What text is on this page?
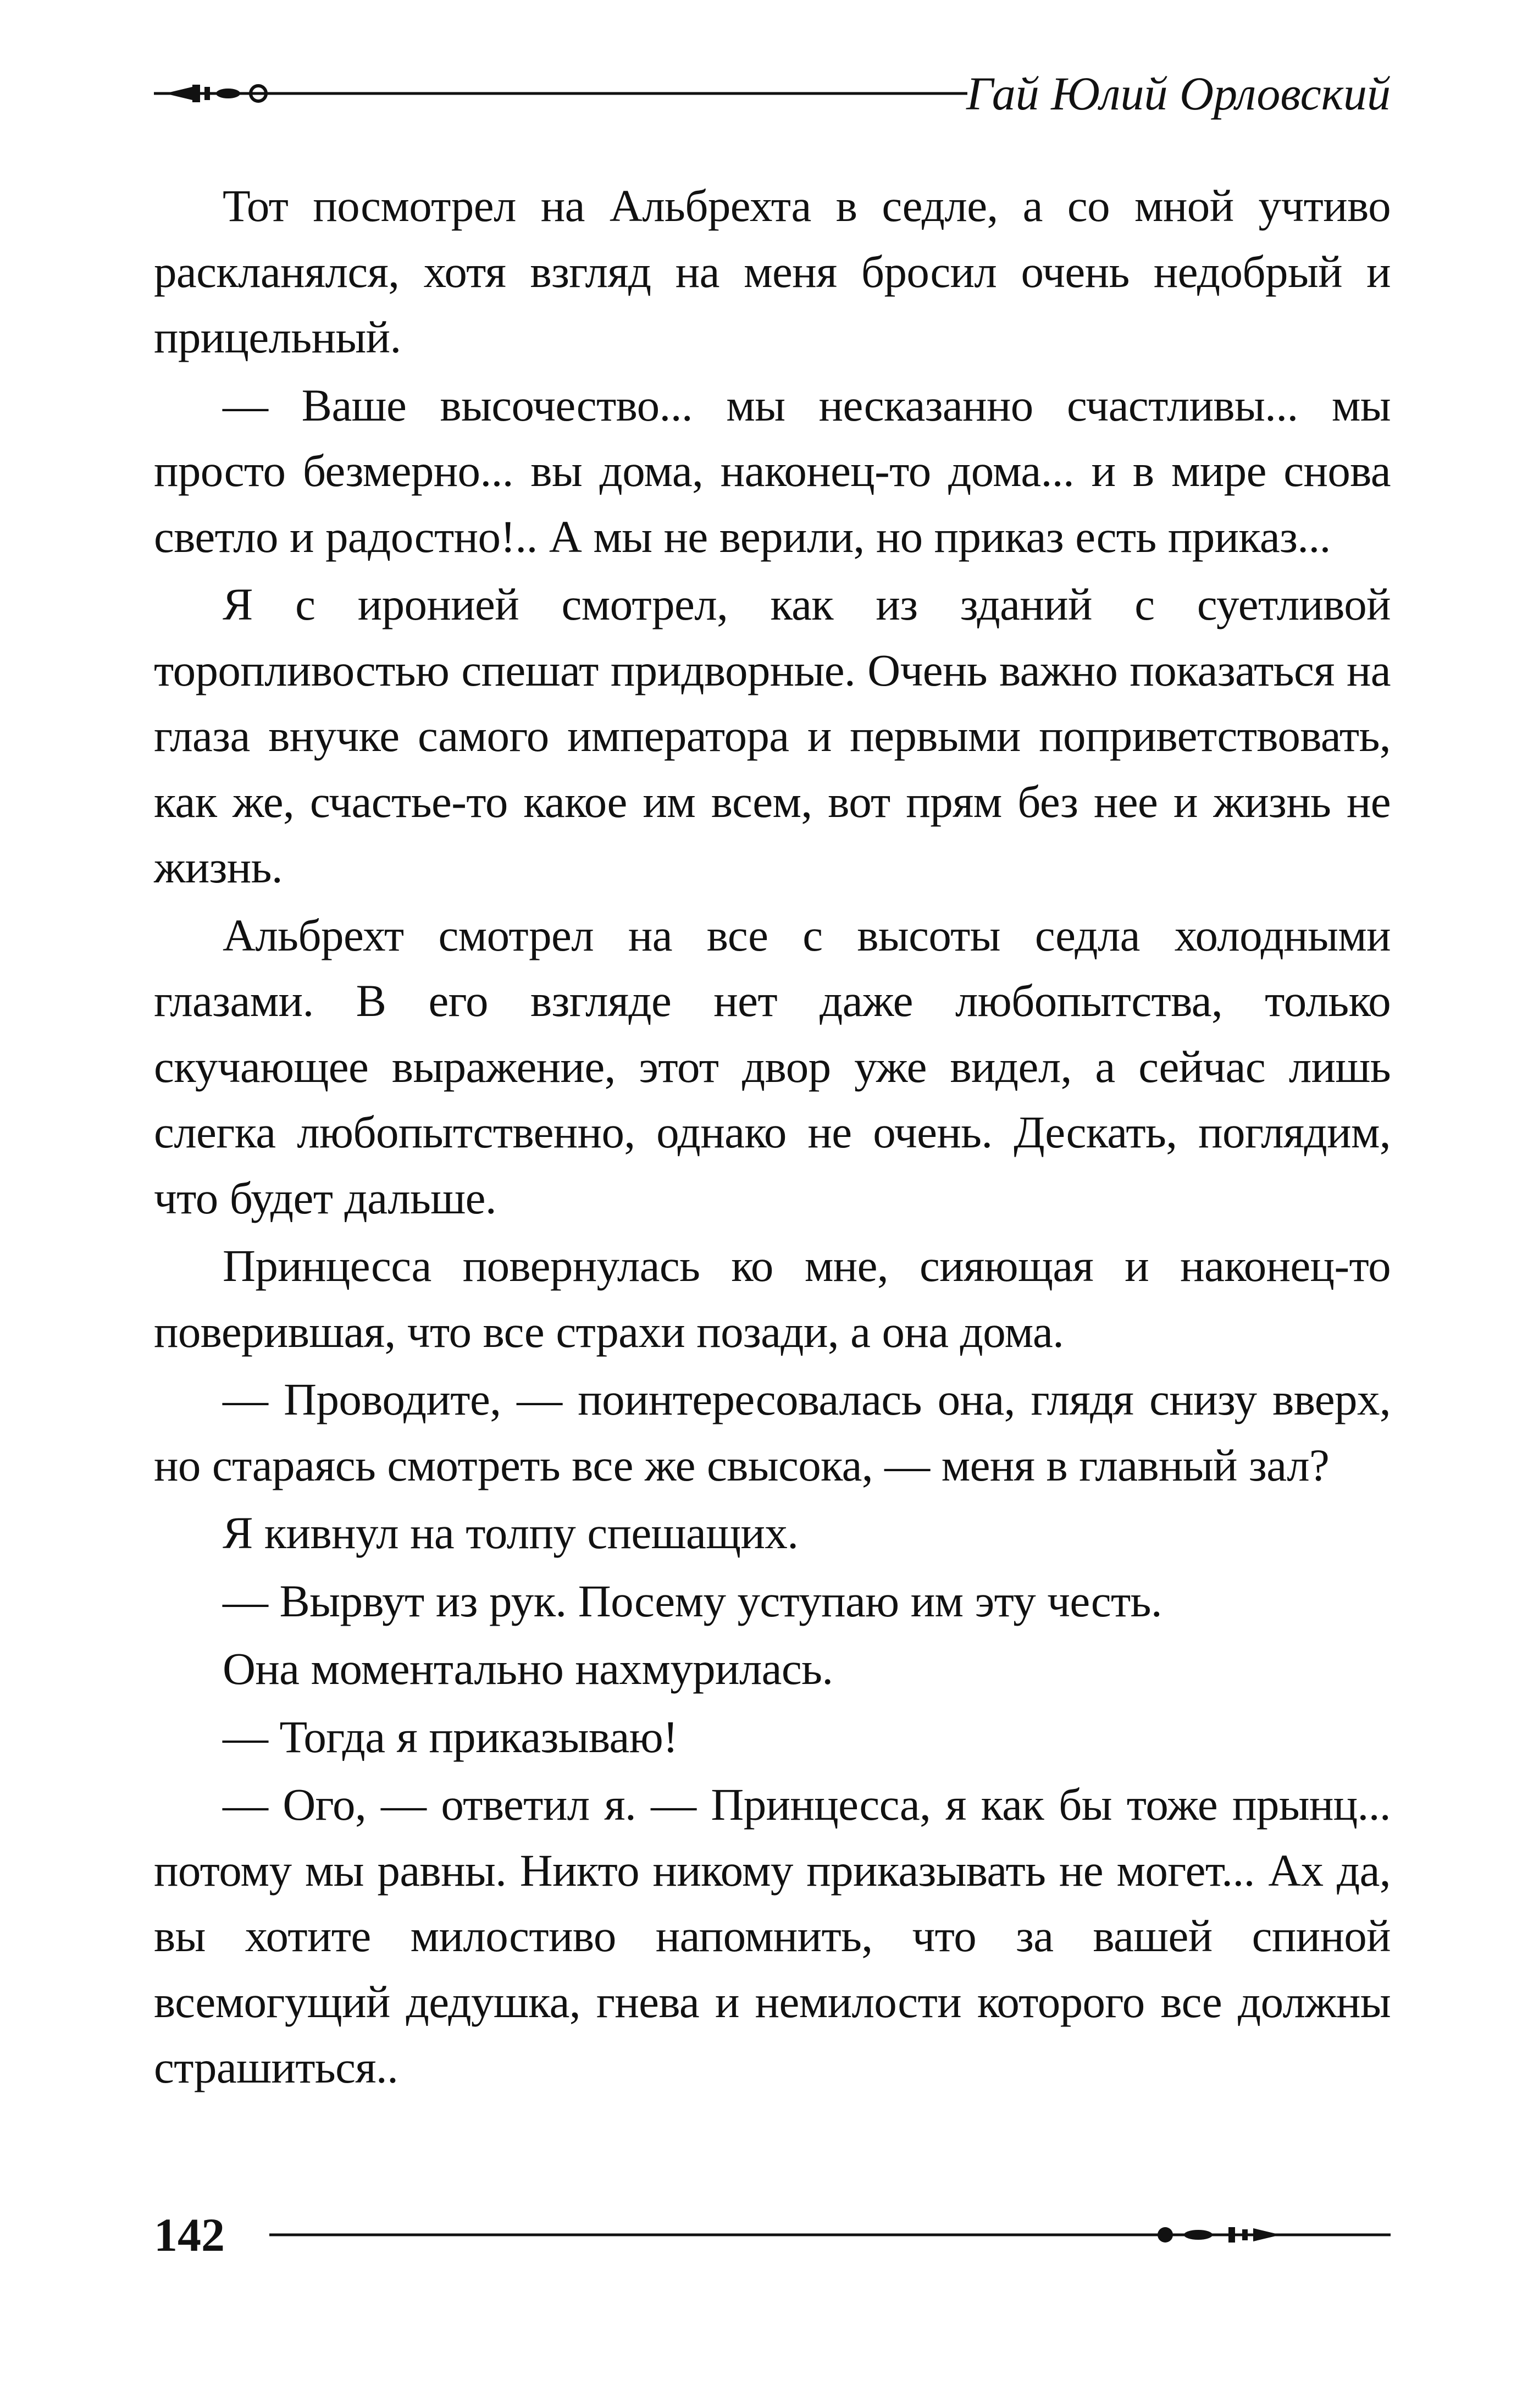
Гай Юлий Орловский

Тот посмотрел на Альбрехта в седле, а со мной учтиво раскланялся, хотя взгляд на меня бросил очень недобрый и прицельный.

— Ваше высочество... мы несказанно счастливы... мы просто безмерно... вы дома, наконец-то дома... и в мире снова светло и радостно!.. А мы не верили, но приказ есть приказ...

Я с иронией смотрел, как из зданий с суетливой торопливостью спешат придворные. Очень важно показаться на глаза внучке самого императора и первыми поприветствовать, как же, счастье-то какое им всем, вот прям без нее и жизнь не жизнь.

Альбрехт смотрел на все с высоты седла холодными глазами. В его взгляде нет даже любопытства, только скучающее выражение, этот двор уже видел, а сейчас лишь слегка любопытственно, однако не очень. Дескать, поглядим, что будет дальше.

Принцесса повернулась ко мне, сияющая и наконец-то поверившая, что все страхи позади, а она дома.

— Проводите, — поинтересовалась она, глядя снизу вверх, но стараясь смотреть все же свысока, — меня в главный зал?

Я кивнул на толпу спешащих.

— Вырвут из рук. Посему уступаю им эту честь.

Она моментально нахмурилась.

— Тогда я приказываю!

— Ого, — ответил я. — Принцесса, я как бы тоже прынц... потому мы равны. Никто никому приказывать не могет... Ах да, вы хотите милостиво напомнить, что за вашей спиной всемогущий дедушка, гнева и немилости которого все должны страшиться..

142
